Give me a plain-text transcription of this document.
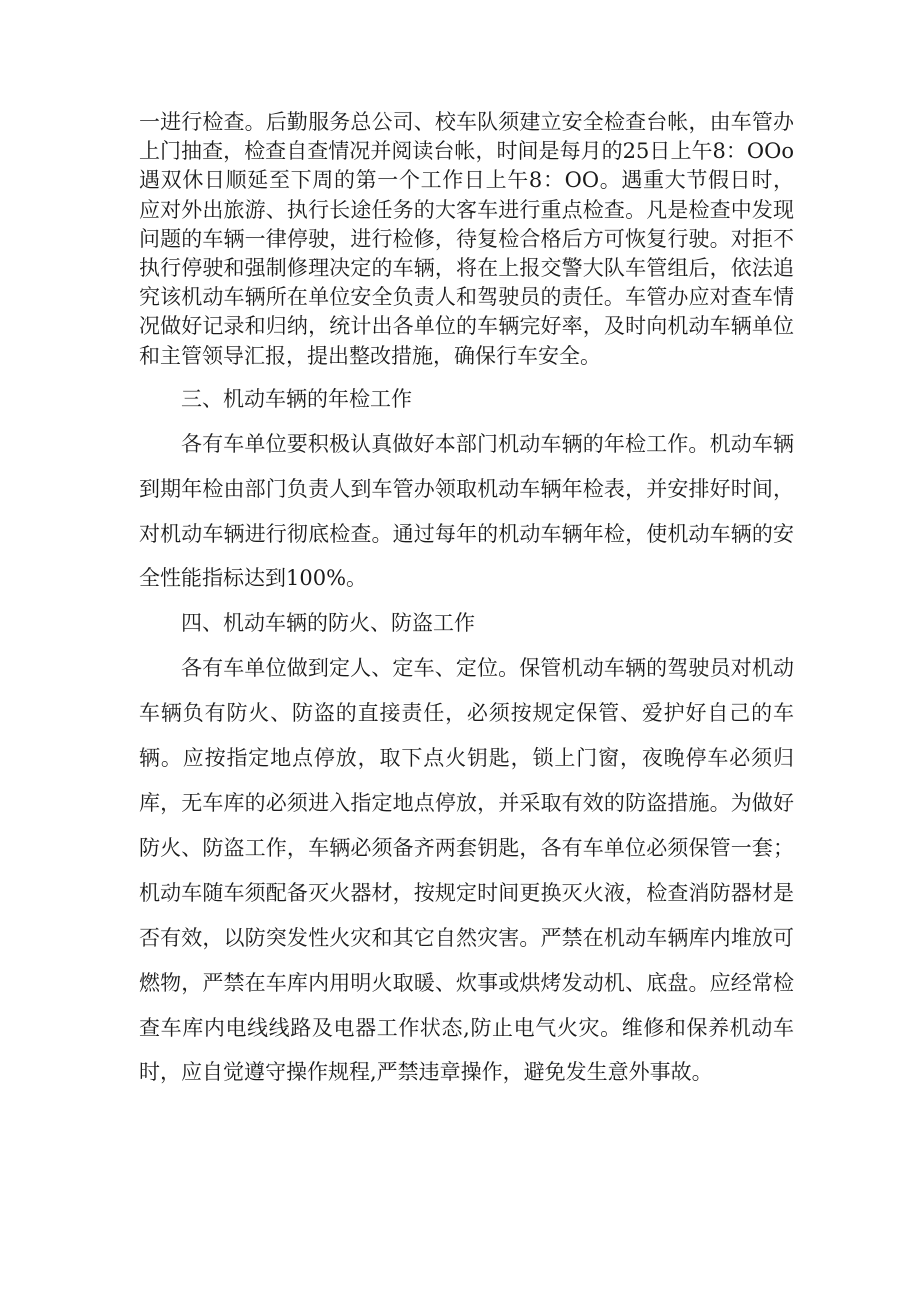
一进行检查。后勤服务总公司、校车队须建立安全检查台帐，由车管办上门抽查，检查自查情况并阅读台帐，时间是每月的25日上午8：OOo遇双休日顺延至下周的第一个工作日上午8：OO。遇重大节假日时，应对外出旅游、执行长途任务的大客车进行重点检查。凡是检查中发现问题的车辆一律停驶，进行检修，待复检合格后方可恢复行驶。对拒不执行停驶和强制修理决定的车辆，将在上报交警大队车管组后，依法追究该机动车辆所在单位安全负责人和驾驶员的责任。车管办应对查车情况做好记录和归纳，统计出各单位的车辆完好率，及时向机动车辆单位和主管领导汇报，提出整改措施，确保行车安全。

三、机动车辆的年检工作

各有车单位要积极认真做好本部门机动车辆的年检工作。机动车辆到期年检由部门负责人到车管办领取机动车辆年检表，并安排好时间，对机动车辆进行彻底检查。通过每年的机动车辆年检，使机动车辆的安全性能指标达到100%。

四、机动车辆的防火、防盗工作

各有车单位做到定人、定车、定位。保管机动车辆的驾驶员对机动车辆负有防火、防盗的直接责任，必须按规定保管、爱护好自己的车辆。应按指定地点停放，取下点火钥匙，锁上门窗，夜晚停车必须归库，无车库的必须进入指定地点停放，并采取有效的防盗措施。为做好防火、防盗工作，车辆必须备齐两套钥匙，各有车单位必须保管一套；机动车随车须配备灭火器材，按规定时间更换灭火液，检查消防器材是否有效，以防突发性火灾和其它自然灾害。严禁在机动车辆库内堆放可燃物，严禁在车库内用明火取暖、炊事或烘烤发动机、底盘。应经常检查车库内电线线路及电器工作状态,防止电气火灾。维修和保养机动车时，应自觉遵守操作规程,严禁违章操作，避免发生意外事故。
